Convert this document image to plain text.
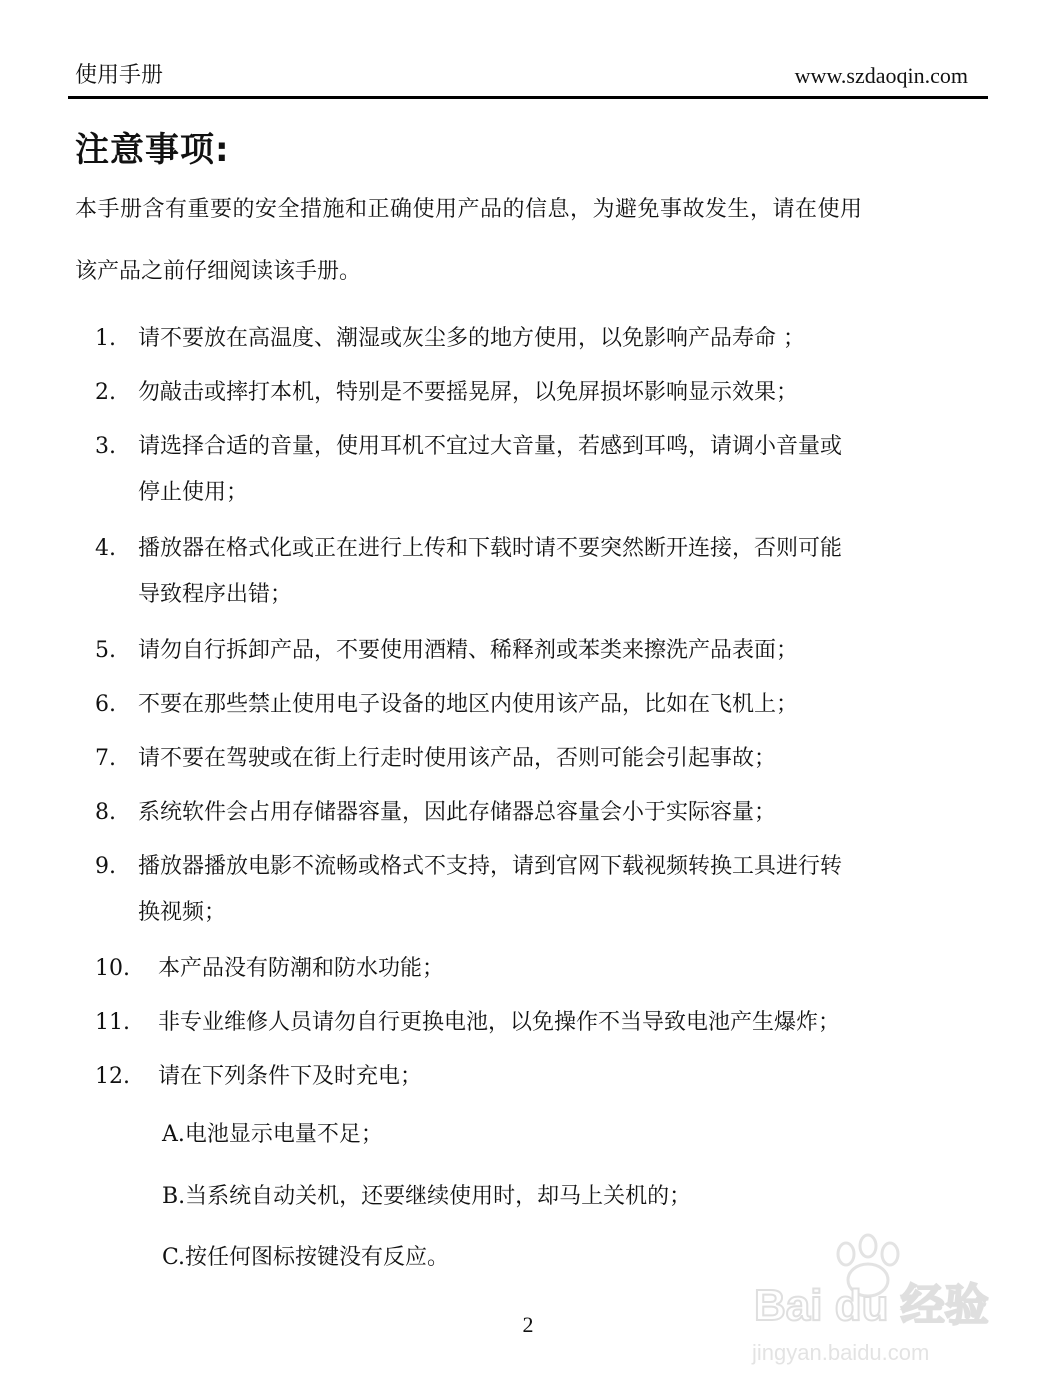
使用手册	www.szdaoqin.com
注意事项:

本手册含有重要的安全措施和正确使用产品的信息，为避免事故发生，请在使用
该产品之前仔细阅读该手册。

1.	请不要放在高温度、潮湿或灰尘多的地方使用，以免影响产品寿命 ；
2.	勿敲击或摔打本机，特别是不要摇晃屏，以免屏损坏影响显示效果；
3.	请选择合适的音量，使用耳机不宜过大音量，若感到耳鸣，请调小音量或
停止使用；
4.	播放器在格式化或正在进行上传和下载时请不要突然断开连接，否则可能
导致程序出错；
5.	请勿自行拆卸产品，不要使用酒精、稀释剂或苯类来擦洗产品表面；
6.	不要在那些禁止使用电子设备的地区内使用该产品，比如在飞机上；
7.	请不要在驾驶或在街上行走时使用该产品，否则可能会引起事故；
8.	系统软件会占用存储器容量，因此存储器总容量会小于实际容量；
9.	播放器播放电影不流畅或格式不支持，请到官网下载视频转换工具进行转
换视频；
10. 本产品没有防潮和防水功能；
11. 非专业维修人员请勿自行更换电池，以免操作不当导致电池产生爆炸；
12. 请在下列条件下及时充电；
A.电池显示电量不足；
B.当系统自动关机，还要继续使用时，却马上关机的；
C.按任何图标按键没有反应。
2	Bai du 经验
jingyan.baidu.com
